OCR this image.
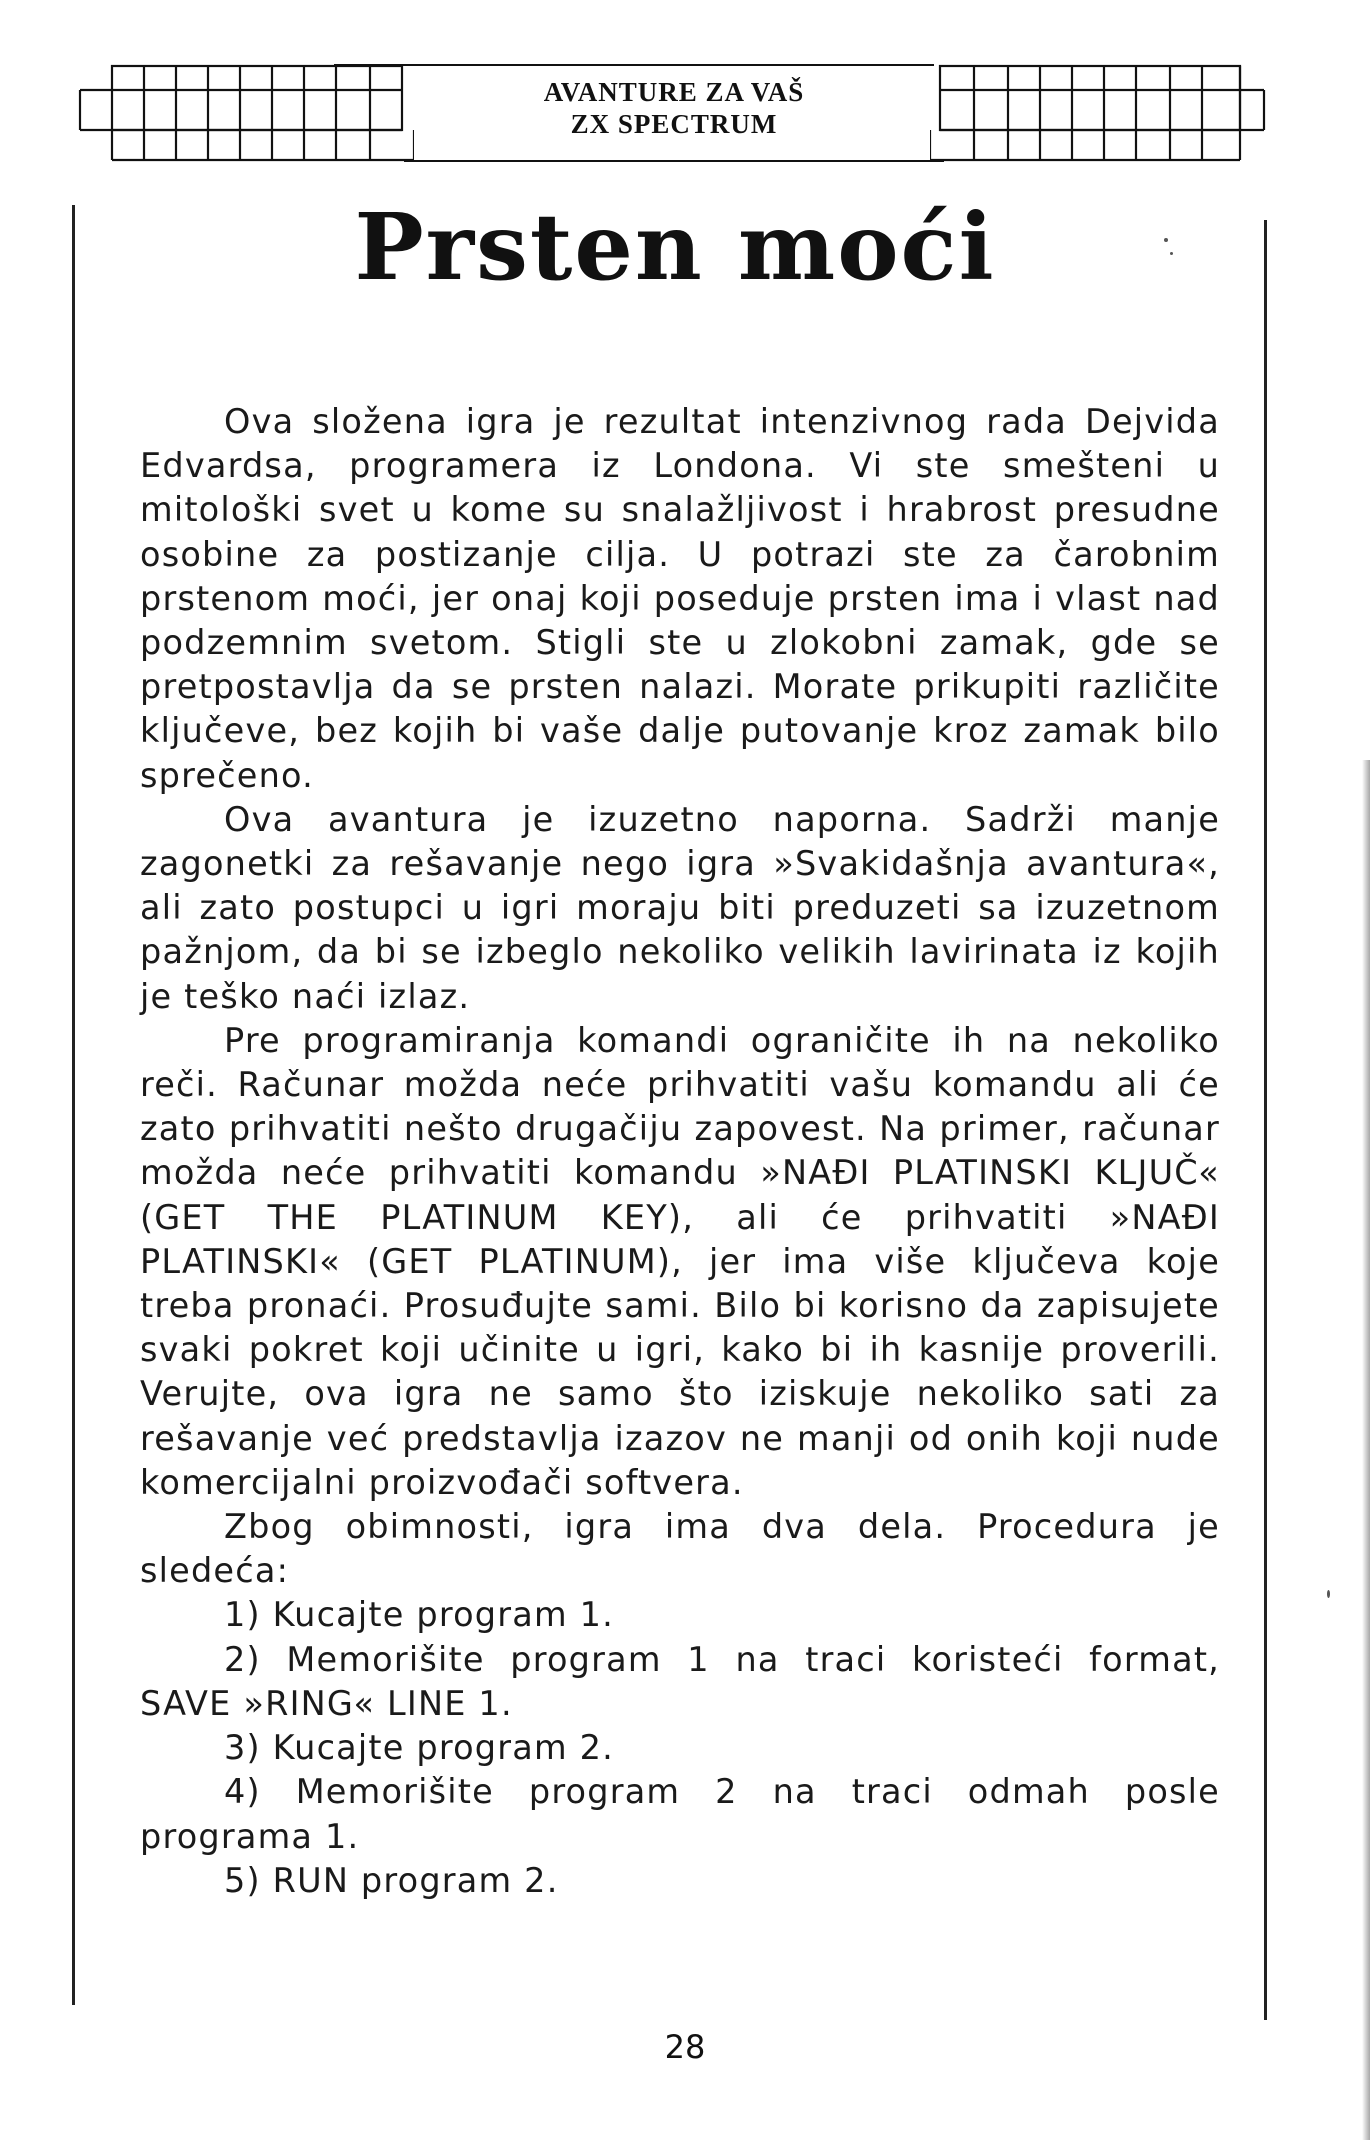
AVANTURE ZA VAŠ
ZX SPECTRUM
Prsten moći

Ova složena igra je rezultat intenzivnog rada Dejvida Edvardsa, programera iz Londona. Vi ste smešteni u mitološki svet u kome su snalažljivost i hrabrost presudne osobine za postizanje cilja. U potrazi ste za čarobnim prstenom moći, jer onaj koji poseduje prsten ima i vlast nad podzemnim svetom. Stigli ste u zlokobni zamak, gde se pretpostavlja da se prsten nalazi. Morate prikupiti različite ključeve, bez kojih bi vaše dalje putovanje kroz zamak bilo sprečeno.

Ova avantura je izuzetno naporna. Sadrži manje zagonetki za rešavanje nego igra »Svakidašnja avantura«, ali zato postupci u igri moraju biti preduzeti sa izuzetnom pažnjom, da bi se izbeglo nekoliko velikih lavirinata iz kojih je teško naći izlaz.

Pre programiranja komandi ograničite ih na nekoliko reči. Računar možda neće prihvatiti vašu komandu ali će zato prihvatiti nešto drugačiju zapovest. Na primer, računar možda neće prihvatiti komandu »NAĐI PLATINSKI KLJUČ« (GET THE PLATINUM KEY), ali će prihvatiti »NAĐI PLATINSKI« (GET PLATINUM), jer ima više ključeva koje treba pronaći. Prosuđujte sami. Bilo bi korisno da zapisujete svaki pokret koji učinite u igri, kako bi ih kasnije proverili. Verujte, ova igra ne samo što iziskuje nekoliko sati za rešavanje već predstavlja izazov ne manji od onih koji nude komercijalni proizvođači softvera.

Zbog obimnosti, igra ima dva dela. Procedura je sledeća:

1) Kucajte program 1.

2) Memorišite program 1 na traci koristeći format, SAVE »RING« LINE 1.

3) Kucajte program 2.

4) Memorišite program 2 na traci odmah posle programa 1.

5) RUN program 2.

28
